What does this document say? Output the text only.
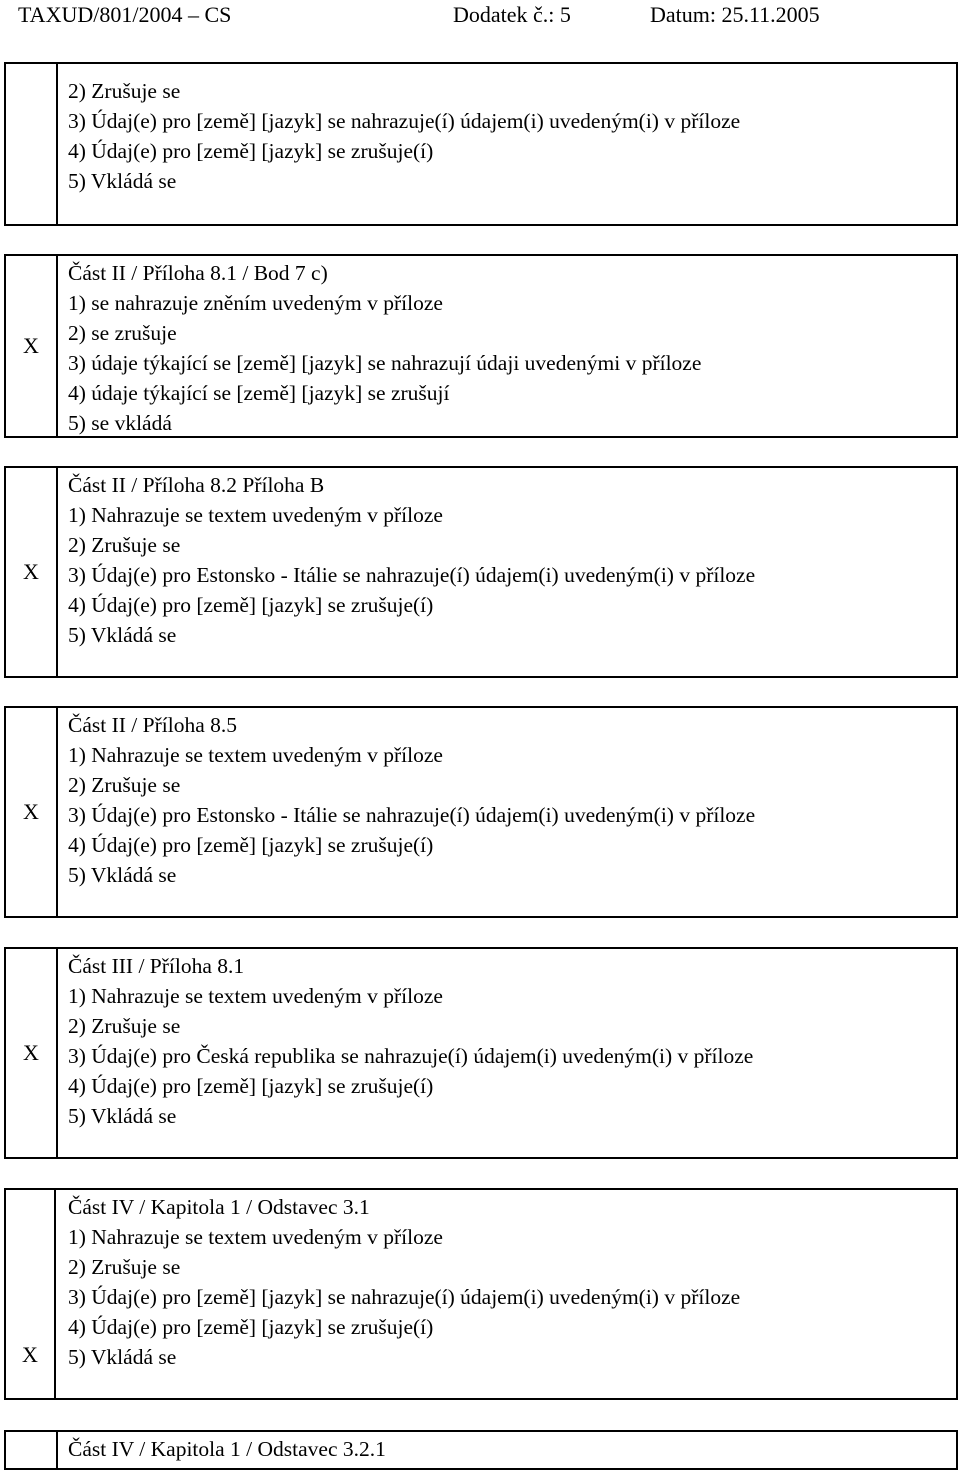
TAXUD/801/2004 – CS	Dodatek č.: 5	Datum: 25.11.2005
2) Zrušuje se
3) Údaj(e) pro [země] [jazyk] se nahrazuje(í) údajem(i) uvedeným(i) v příloze
4) Údaj(e) pro [země] [jazyk] se zrušuje(í)
5) Vkládá se
X
Část II / Příloha 8.1 / Bod 7 c)
1) se nahrazuje zněním uvedeným v příloze
2) se zrušuje
3) údaje týkající se [země] [jazyk] se nahrazují údaji uvedenými v příloze
4) údaje týkající se [země] [jazyk] se zrušují
5) se vkládá
X
Část II / Příloha 8.2 Příloha B
1) Nahrazuje se textem uvedeným v příloze
2) Zrušuje se
3) Údaj(e) pro Estonsko - Itálie se nahrazuje(í) údajem(i) uvedeným(i) v příloze
4) Údaj(e) pro [země] [jazyk] se zrušuje(í)
5) Vkládá se
X
Část II / Příloha 8.5
1) Nahrazuje se textem uvedeným v příloze
2) Zrušuje se
3) Údaj(e) pro Estonsko - Itálie se nahrazuje(í) údajem(i) uvedeným(i) v příloze
4) Údaj(e) pro [země] [jazyk] se zrušuje(í)
5) Vkládá se
X
Část III / Příloha 8.1
1) Nahrazuje se textem uvedeným v příloze
2) Zrušuje se
3) Údaj(e) pro Česká republika se nahrazuje(í) údajem(i) uvedeným(i) v příloze
4) Údaj(e) pro [země] [jazyk] se zrušuje(í)
5) Vkládá se
X
Část IV / Kapitola 1 / Odstavec 3.1
1) Nahrazuje se textem uvedeným v příloze
2) Zrušuje se
3) Údaj(e) pro [země] [jazyk] se nahrazuje(í) údajem(i) uvedeným(i) v příloze
4) Údaj(e) pro [země] [jazyk] se zrušuje(í)
5) Vkládá se
Část IV / Kapitola 1 / Odstavec 3.2.1
